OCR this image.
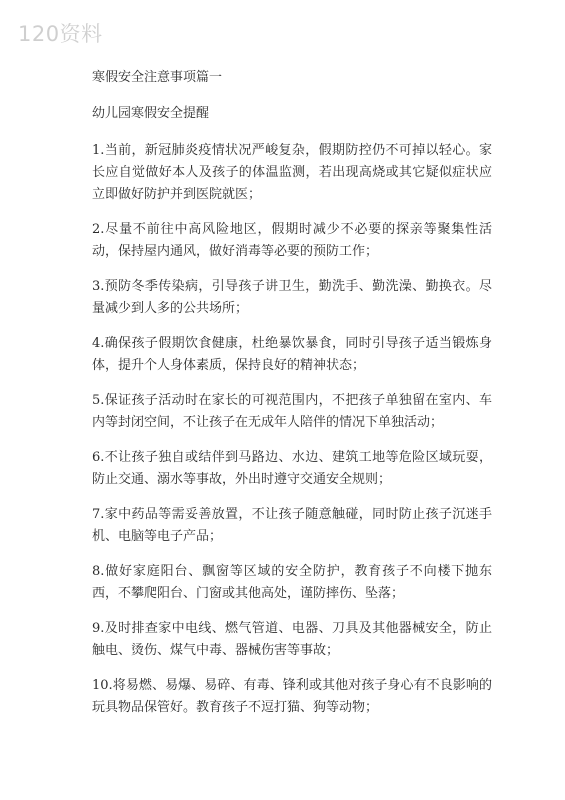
120资料

寒假安全注意事项篇一

幼儿园寒假安全提醒

1.当前，新冠肺炎疫情状况严峻复杂，假期防控仍不可掉以轻心。家长应自觉做好本人及孩子的体温监测，若出现高烧或其它疑似症状应立即做好防护并到医院就医；

2.尽量不前往中高风险地区，假期时减少不必要的探亲等聚集性活动，保持屋内通风，做好消毒等必要的预防工作；

3.预防冬季传染病，引导孩子讲卫生，勤洗手、勤洗澡、勤换衣。尽量减少到人多的公共场所；

4.确保孩子假期饮食健康，杜绝暴饮暴食，同时引导孩子适当锻炼身体，提升个人身体素质，保持良好的精神状态；

5.保证孩子活动时在家长的可视范围内，不把孩子单独留在室内、车内等封闭空间，不让孩子在无成年人陪伴的情况下单独活动；

6.不让孩子独自或结伴到马路边、水边、建筑工地等危险区域玩耍，防止交通、溺水等事故，外出时遵守交通安全规则；

7.家中药品等需妥善放置，不让孩子随意触碰，同时防止孩子沉迷手机、电脑等电子产品；

8.做好家庭阳台、飘窗等区域的安全防护，教育孩子不向楼下抛东西，不攀爬阳台、门窗或其他高处，谨防摔伤、坠落；

9.及时排查家中电线、燃气管道、电器、刀具及其他器械安全，防止触电、烫伤、煤气中毒、器械伤害等事故；

10.将易燃、易爆、易碎、有毒、锋利或其他对孩子身心有不良影响的玩具物品保管好。教育孩子不逗打猫、狗等动物；
